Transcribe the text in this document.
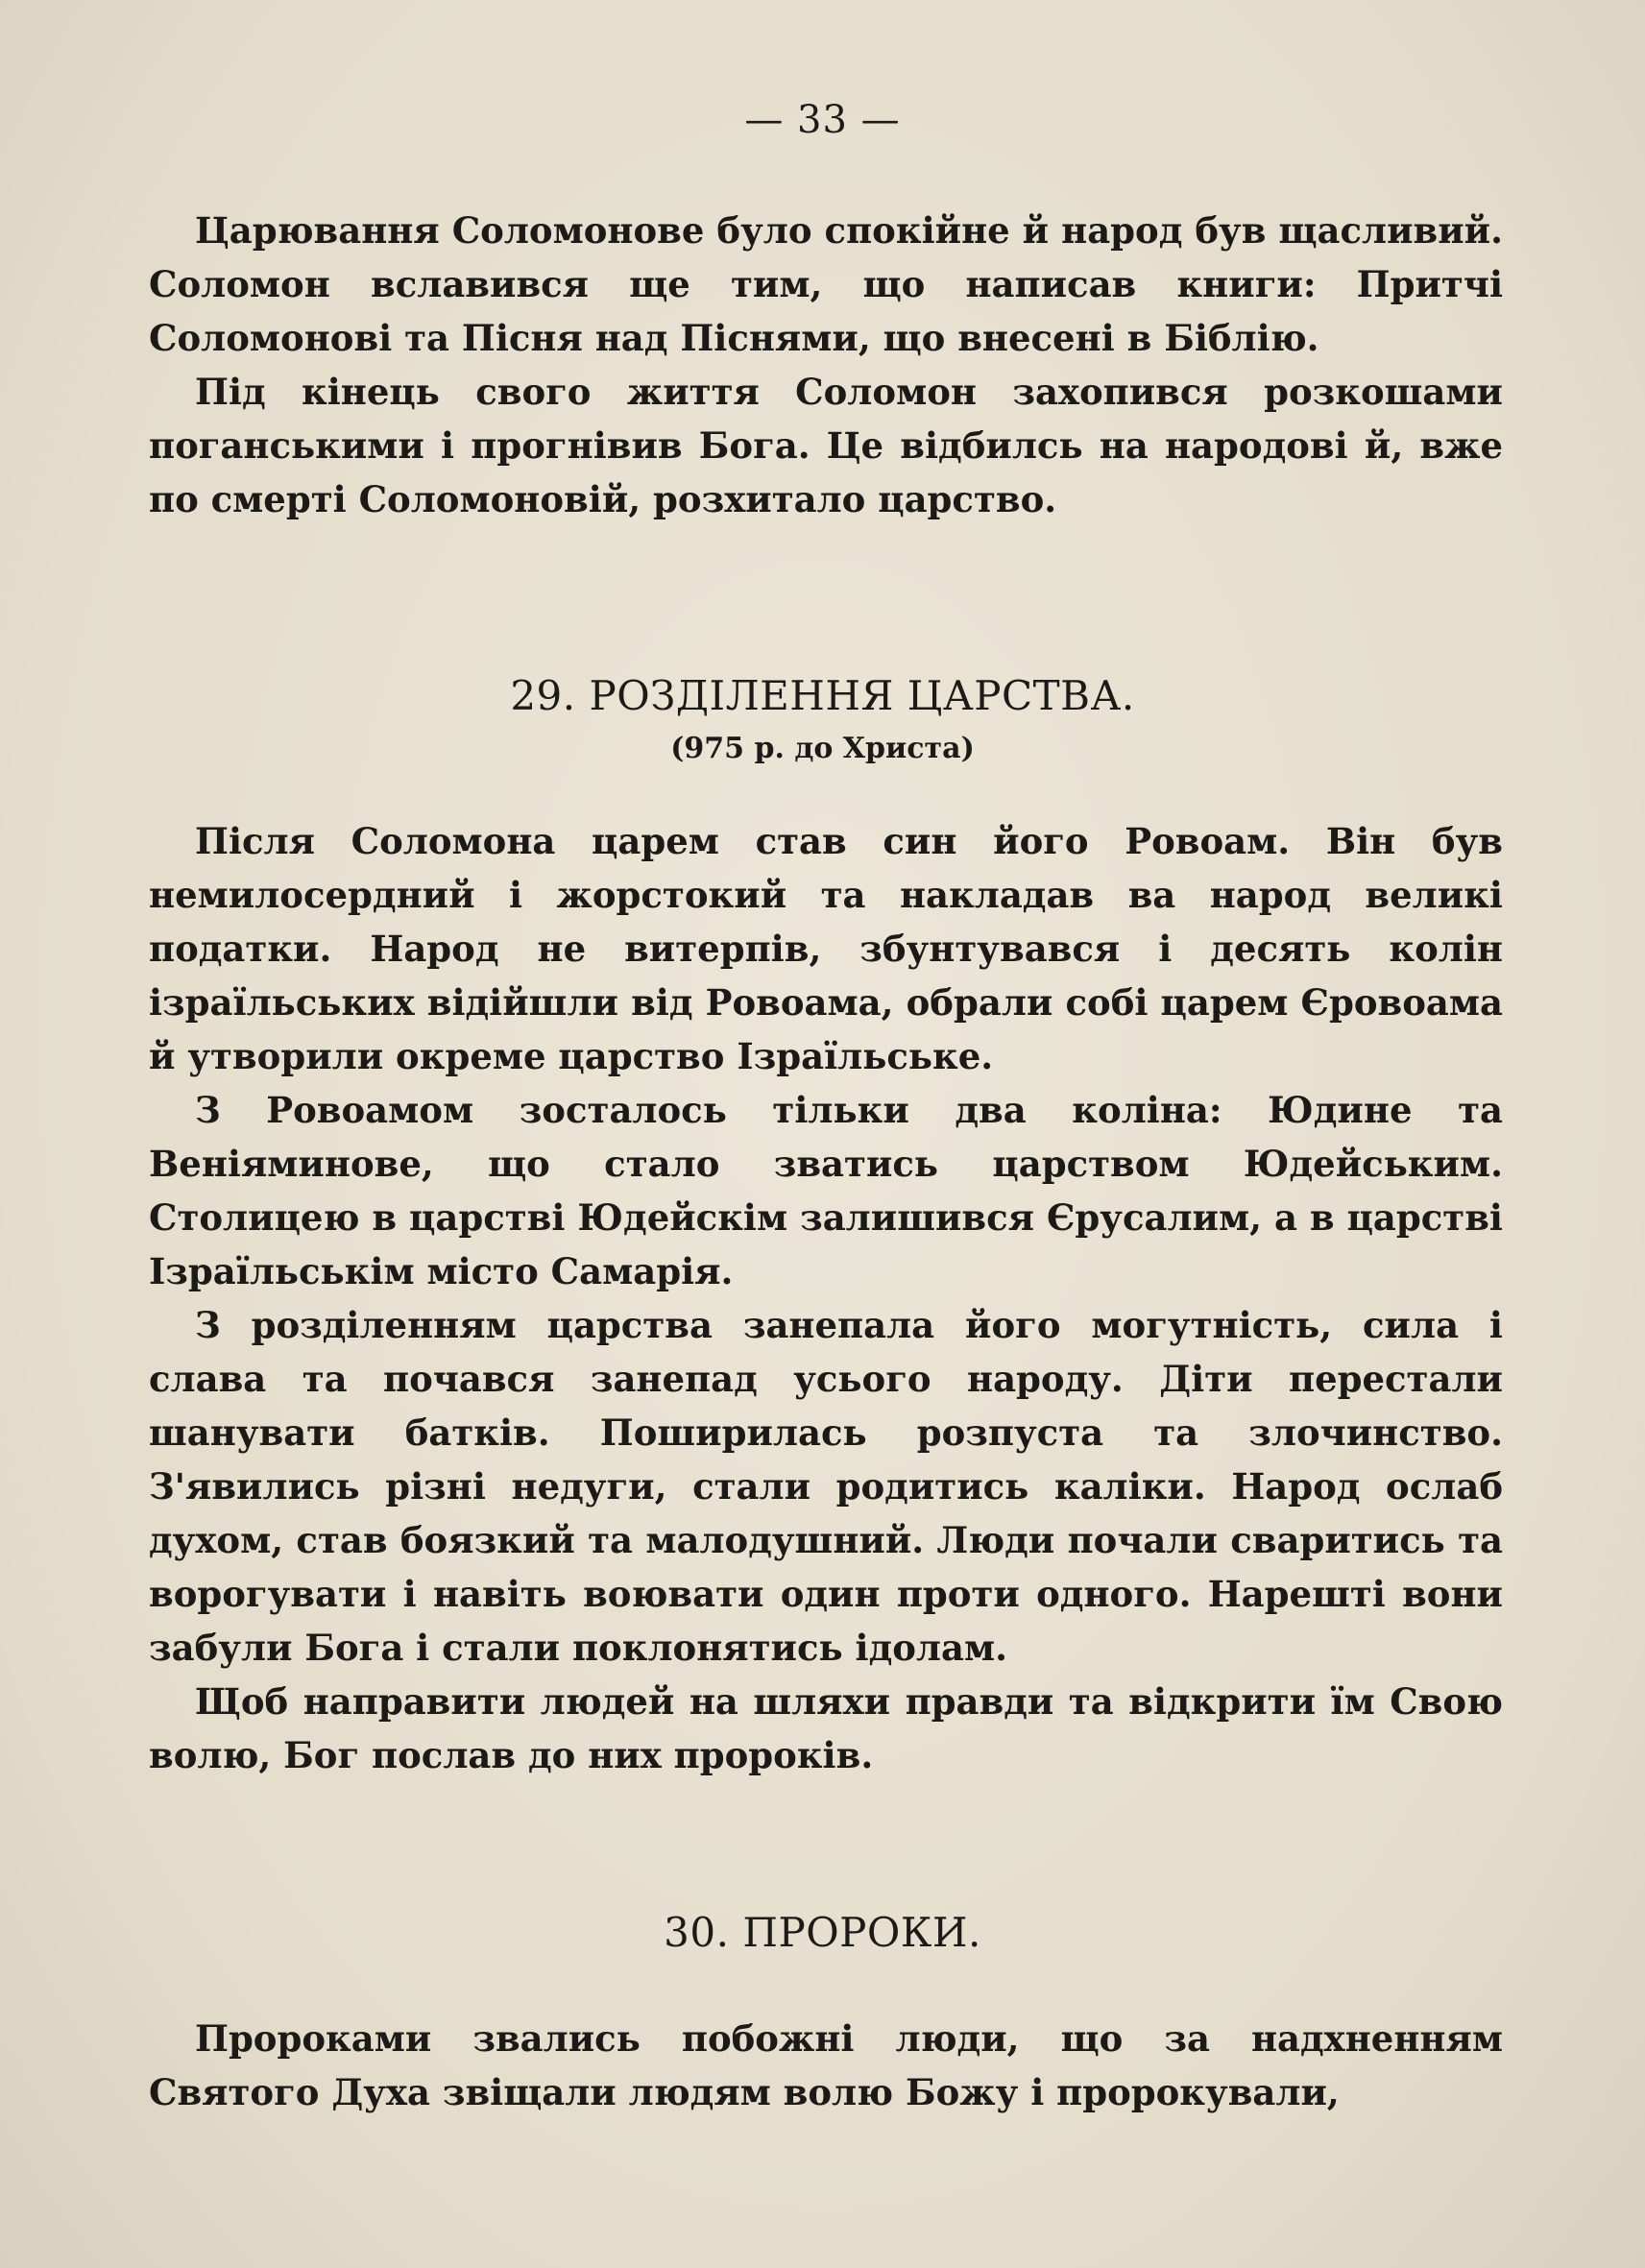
— 33 —

Царювання Соломонове було спокійне й народ був щасливий. Соломон вславився ще тим, що написав книги: Притчі Соломонові та Пісня над Піснями, що внесені в Біблію.

Під кінець свого життя Соломон захопився розкошами поганськими і прогнівив Бога. Це відбилсь на народові й, вже по смерті Соломоновій, розхитало царство.

29. РОЗДІЛЕННЯ ЦАРСТВА.
(975 р. до Христа)

Після Соломона царем став син його Ровоам. Він був немилосердний і жорстокий та накладав ва народ великі податки. Народ не витерпів, збунтувався і десять колін ізраїльських відійшли від Ровоама, обрали собі царем Єровоама й утворили окреме царство Ізраїльське.

З Ровоамом зосталось тільки два коліна: Юдине та Веніяминове, що стало зватись царством Юдейським. Столицею в царстві Юдейскім залишився Єрусалим, а в царстві Ізраїльськім місто Самарія.

З розділенням царства занепала його могутність, сила і слава та почався занепад усього народу. Діти перестали шанувати батків. Поширилась розпуста та злочинство. З'явились різні недуги, стали родитись каліки. Народ ослаб духом, став боязкий та малодушний. Люди почали сваритись та ворогувати і навіть воювати один проти одного. Нарешті вони забули Бога і стали поклонятись ідолам.

Щоб направити людей на шляхи правди та відкрити їм Свою волю, Бог послав до них пророків.

30. ПРОРОКИ.

Пророками звались побожні люди, що за надхненням Святого Духа звіщали людям волю Божу і пророкували,
